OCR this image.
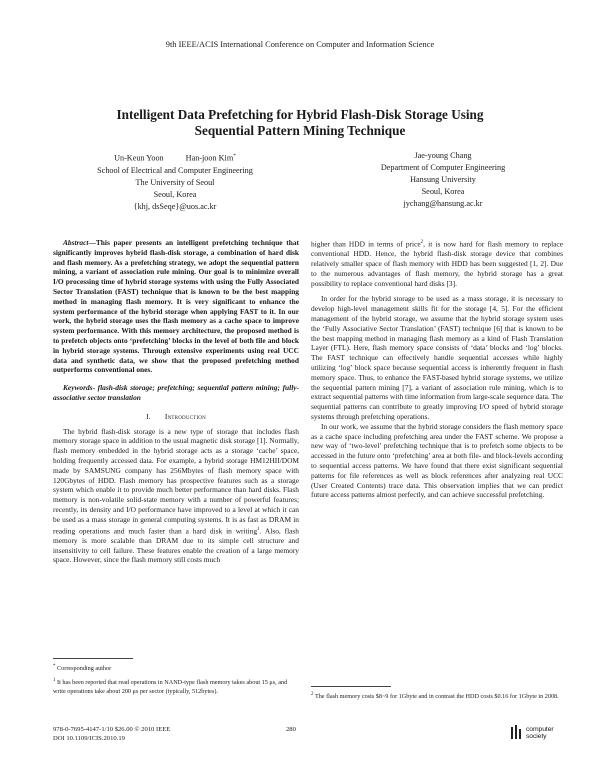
9th IEEE/ACIS International Conference on Computer and Information Science
Intelligent Data Prefetching for Hybrid Flash-Disk Storage Using Sequential Pattern Mining Technique
Un-Keun Yoon	Han-joon Kim*
School of Electrical and Computer Engineering
The University of Seoul
Seoul, Korea
{khj, dsSeqe}@uos.ac.kr
Jae-young Chang
Department of Computer Engineering
Hansung University
Seoul, Korea
jychang@hansung.ac.kr

Abstract—This paper presents an intelligent prefetching technique that significantly improves hybrid flash-disk storage, a combination of hard disk and flash memory. As a prefetching strategy, we adopt the sequential pattern mining, a variant of association rule mining. Our goal is to minimize overall I/O processing time of hybrid storage systems with using the Fully Associated Sector Translation (FAST) technique that is known to be the best mapping method in managing flash memory. It is very significant to enhance the system performance of the hybrid storage when applying FAST to it. In our work, the hybrid storage uses the flash memory as a cache space to improve system performance. With this memory architecture, the proposed method is to prefetch objects onto ‘prefetching’ blocks in the level of both file and block in hybrid storage systems. Through extensive experiments using real UCC data and synthetic data, we show that the proposed prefetching method outperforms conventional ones.

Keywords- flash-disk storage; prefetching; sequential pattern mining; fully-associative sector translation

I. Introduction

The hybrid flash-disk storage is a new type of storage that includes flash memory storage space in addition to the usual magnetic disk storage [1]. Normally, flash memory embedded in the hybrid storage acts as a storage ‘cache’ space, holding frequently accessed data. For example, a hybrid storage HM12HII/DOM made by SAMSUNG company has 256Mbytes of flash memory space with 120Gbytes of HDD. Flash memory has prospective features such as a storage system which enable it to provide much better performance than hard disks. Flash memory is non-volatile solid-state memory with a number of powerful features; recently, its density and I/O performance have improved to a level at which it can be used as a mass storage in general computing systems. It is as fast as DRAM in reading operations and much faster than a hard disk in writing$^1$. Also, flash memory is more scalable than DRAM due to its simple cell structure and insensitivity to cell failure. These features enable the creation of a large memory space. However, since the flash memory still costs much

higher than HDD in terms of price$^2$, it is now hard for flash memory to replace conventional HDD. Hence, the hybrid flash-disk storage device that combines relatively smaller space of flash memory with HDD has been suggested [1, 2]. Due to the numerous advantages of flash memory, the hybrid storage has a great possibility to replace conventional hard disks [3].

In order for the hybrid storage to be used as a mass storage, it is necessary to develop high-level management skills fit for the storage [4, 5]. For the efficient management of the hybrid storage, we assume that the hybrid storage system uses the ‘Fully Associative Sector Translation’ (FAST) technique [6] that is known to be the best mapping method in managing flash memory as a kind of Flash Translation Layer (FTL). Here, flash memory space consists of ‘data’ blocks and ‘log’ blocks. The FAST technique can effectively handle sequential accesses while highly utilizing ‘log’ block space because sequential access is inherently frequent in flash memory space. Thus, to enhance the FAST-based hybrid storage systems, we utilize the sequential pattern mining [7], a variant of association rule mining, which is to extract sequential patterns with time information from large-scale sequence data. The sequential patterns can contribute to greatly improving I/O speed of hybrid storage systems through prefetching operations.

In our work, we assume that the hybrid storage considers the flash memory space as a cache space including prefetching area under the FAST scheme. We propose a new way of ‘two-level’ prefetching technique that is to prefetch some objects to be accessed in the future onto ‘prefetching’ area at both file- and block-levels according to sequential access patterns. We have found that there exist significant sequential patterns for file references as well as block references after analyzing real UCC (User Created Contents) trace data. This observation implies that we can predict future access patterns almost perfectly, and can achieve successful prefetching.

* Corresponding author

$^1$ It has been reported that read operations in NAND-type flash memory takes about 15 μs, and write operations take about 200 μs per sector (typically, 512bytes).	$^2$ The flash memory costs $8~9 for 1Gbyte and in contrast the HDD costs $0.16 for 1Gbyte in 2008.

978-0-7695-4147-1/10 $26.00 © 2010 IEEE
DOI 10.1109/ICIS.2010.19
280	computer
society
